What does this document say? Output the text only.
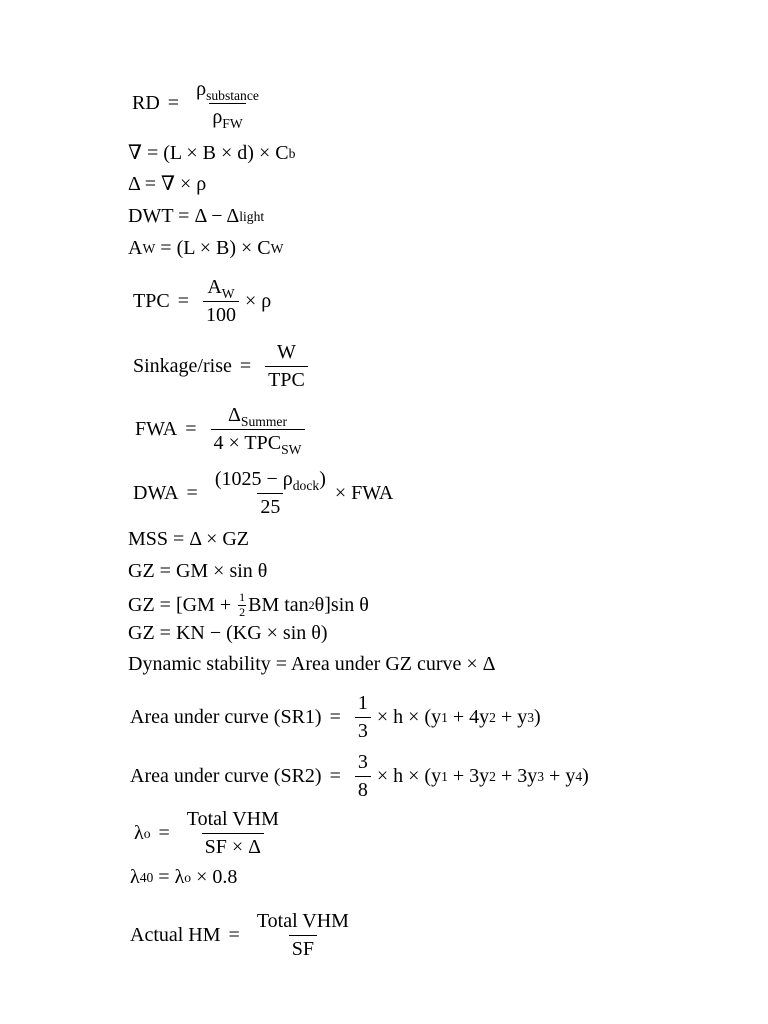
RD = $\frac{\rho_{substance}}{\rho_{FW}}$
∇ = (L × B × d) × C b
Δ = ∇ × ρ
DWT = Δ − Δ light
A W = (L × B) × C W
TPC = $\frac{A_W}{100} \times \rho$
Sinkage/rise = $\frac{W}{\text{TPC}}$
FWA = $\frac{\Delta_{Summer}}{4 \times TPC_{SW}}$
DWA = $\frac{(1025 - \rho_{dock})}{25}$ × FWA
MSS = Δ × GZ
GZ = GM × sin θ
GZ = [$GM + \frac{1}{2}$ BM tan 2 θ]sin θ
GZ = KN − (KG × sin θ)
Dynamic stability = Area under GZ curve × Δ
Area under curve $(SR1) = \frac{1}{3} \times h \times (y$ 1 + 4y 2 + y 3 )
Area under curve $(SR2) = \frac{3}{8} \times h \times (y$ 1 + 3y 2 + 3y 3 + y 4 )
λ $o = \frac{\text{Total VHM}}{SF \times \Delta}$
λ 40 = λ o × 0.8
Actual HM = $\frac{\text{Total VHM}}{SF}$
